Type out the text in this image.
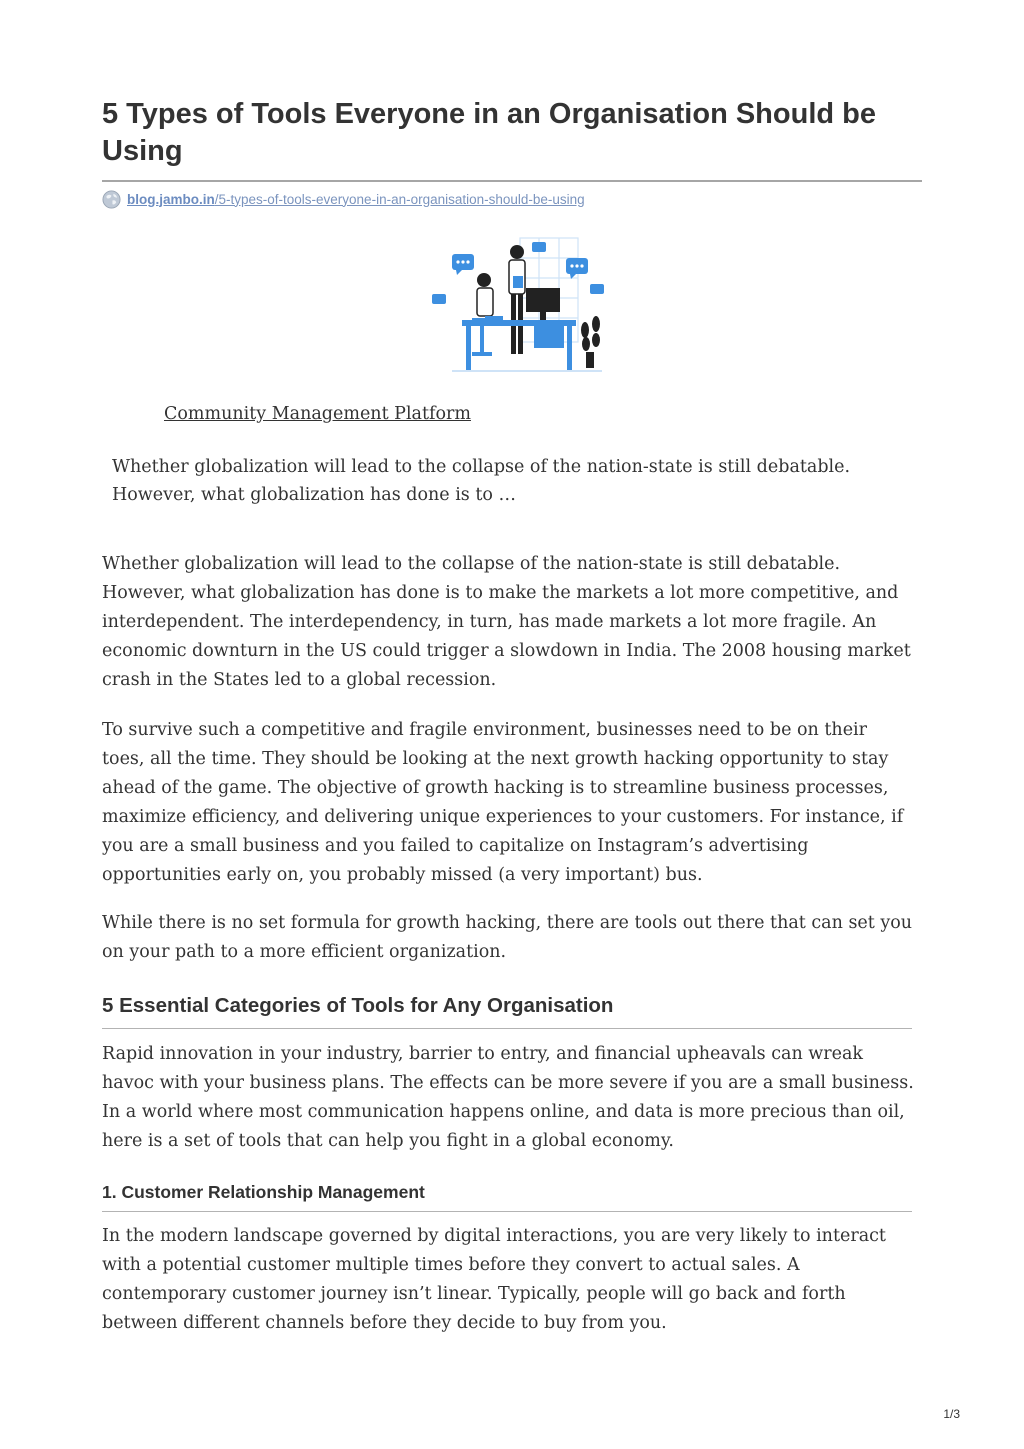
5 Types of Tools Everyone in an Organisation Should be Using
blog.jambo.in /5-types-of-tools-everyone-in-an-organisation-should-be-using
Community Management Platform

Whether globalization will lead to the collapse of the nation-state is still debatable. However, what globalization has done is to …

Whether globalization will lead to the collapse of the nation-state is still debatable. However, what globalization has done is to make the markets a lot more competitive, and interdependent. The interdependency, in turn, has made markets a lot more fragile. An economic downturn in the US could trigger a slowdown in India. The 2008 housing market crash in the States led to a global recession.

To survive such a competitive and fragile environment, businesses need to be on their toes, all the time. They should be looking at the next growth hacking opportunity to stay ahead of the game. The objective of growth hacking is to streamline business processes, maximize efficiency, and delivering unique experiences to your customers. For instance, if you are a small business and you failed to capitalize on Instagram’s advertising opportunities early on, you probably missed (a very important) bus.

While there is no set formula for growth hacking, there are tools out there that can set you on your path to a more efficient organization.

5 Essential Categories of Tools for Any Organisation

Rapid innovation in your industry, barrier to entry, and financial upheavals can wreak havoc with your business plans. The effects can be more severe if you are a small business. In a world where most communication happens online, and data is more precious than oil, here is a set of tools that can help you fight in a global economy.

1. Customer Relationship Management

In the modern landscape governed by digital interactions, you are very likely to interact with a potential customer multiple times before they convert to actual sales. A contemporary customer journey isn’t linear. Typically, people will go back and forth between different channels before they decide to buy from you.

1/3
